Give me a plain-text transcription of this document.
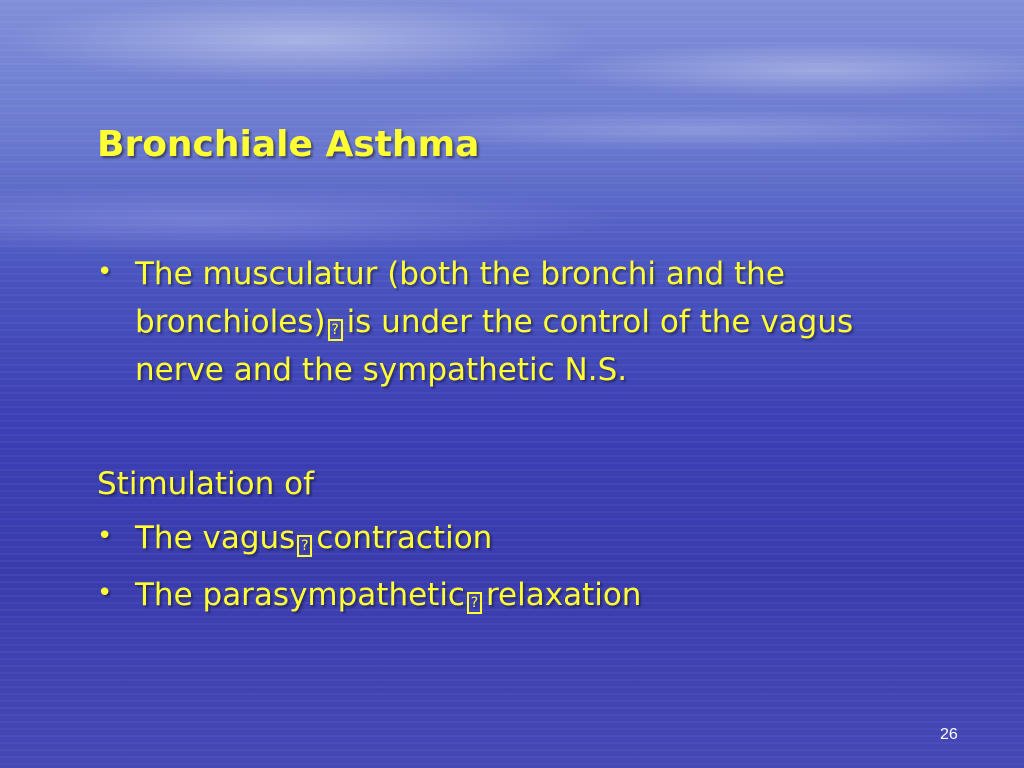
Bronchiale Asthma
• The musculatur (both the bronchi and the
bronchioles) ? is under the control of the vagus
nerve and the sympathetic N.S.
Stimulation of
• The vagus ? contraction
• The parasympathetic ? relaxation
26
